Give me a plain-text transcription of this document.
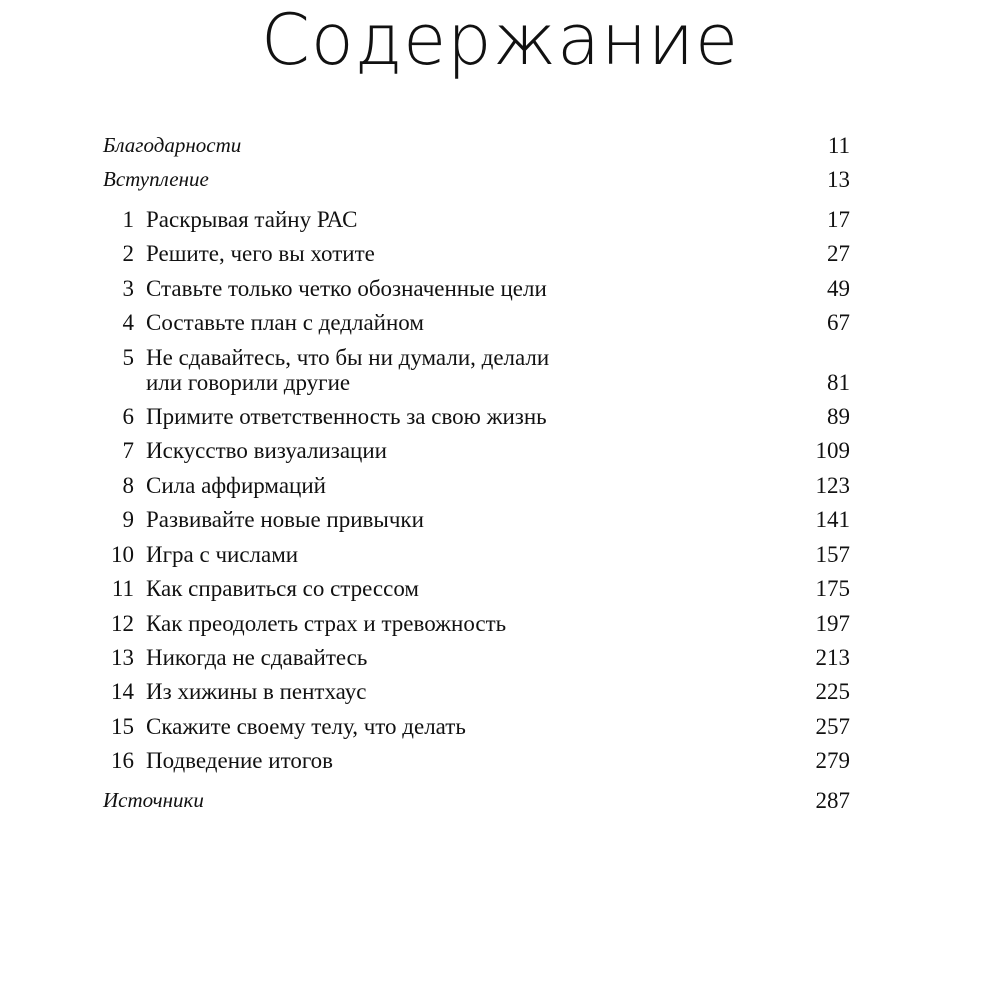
Содержание
Благодарности	11
Вступление	13
1 Раскрывая тайну РАС	17
2 Решите, чего вы хотите	27
3 Ставьте только четко обозначенные цели	49
4 Составьте план с дедлайном	67
5 Не сдавайтесь, что бы ни думали, делали
или говорили другие	81
6 Примите ответственность за свою жизнь	89
7 Искусство визуализации	109
8 Сила аффирмаций	123
9 Развивайте новые привычки	141
10 Игра с числами	157
11 Как справиться со стрессом	175
12 Как преодолеть страх и тревожность	197
13 Никогда не сдавайтесь	213
14 Из хижины в пентхаус	225
15 Скажите своему телу, что делать	257
16 Подведение итогов	279
Источники	287
